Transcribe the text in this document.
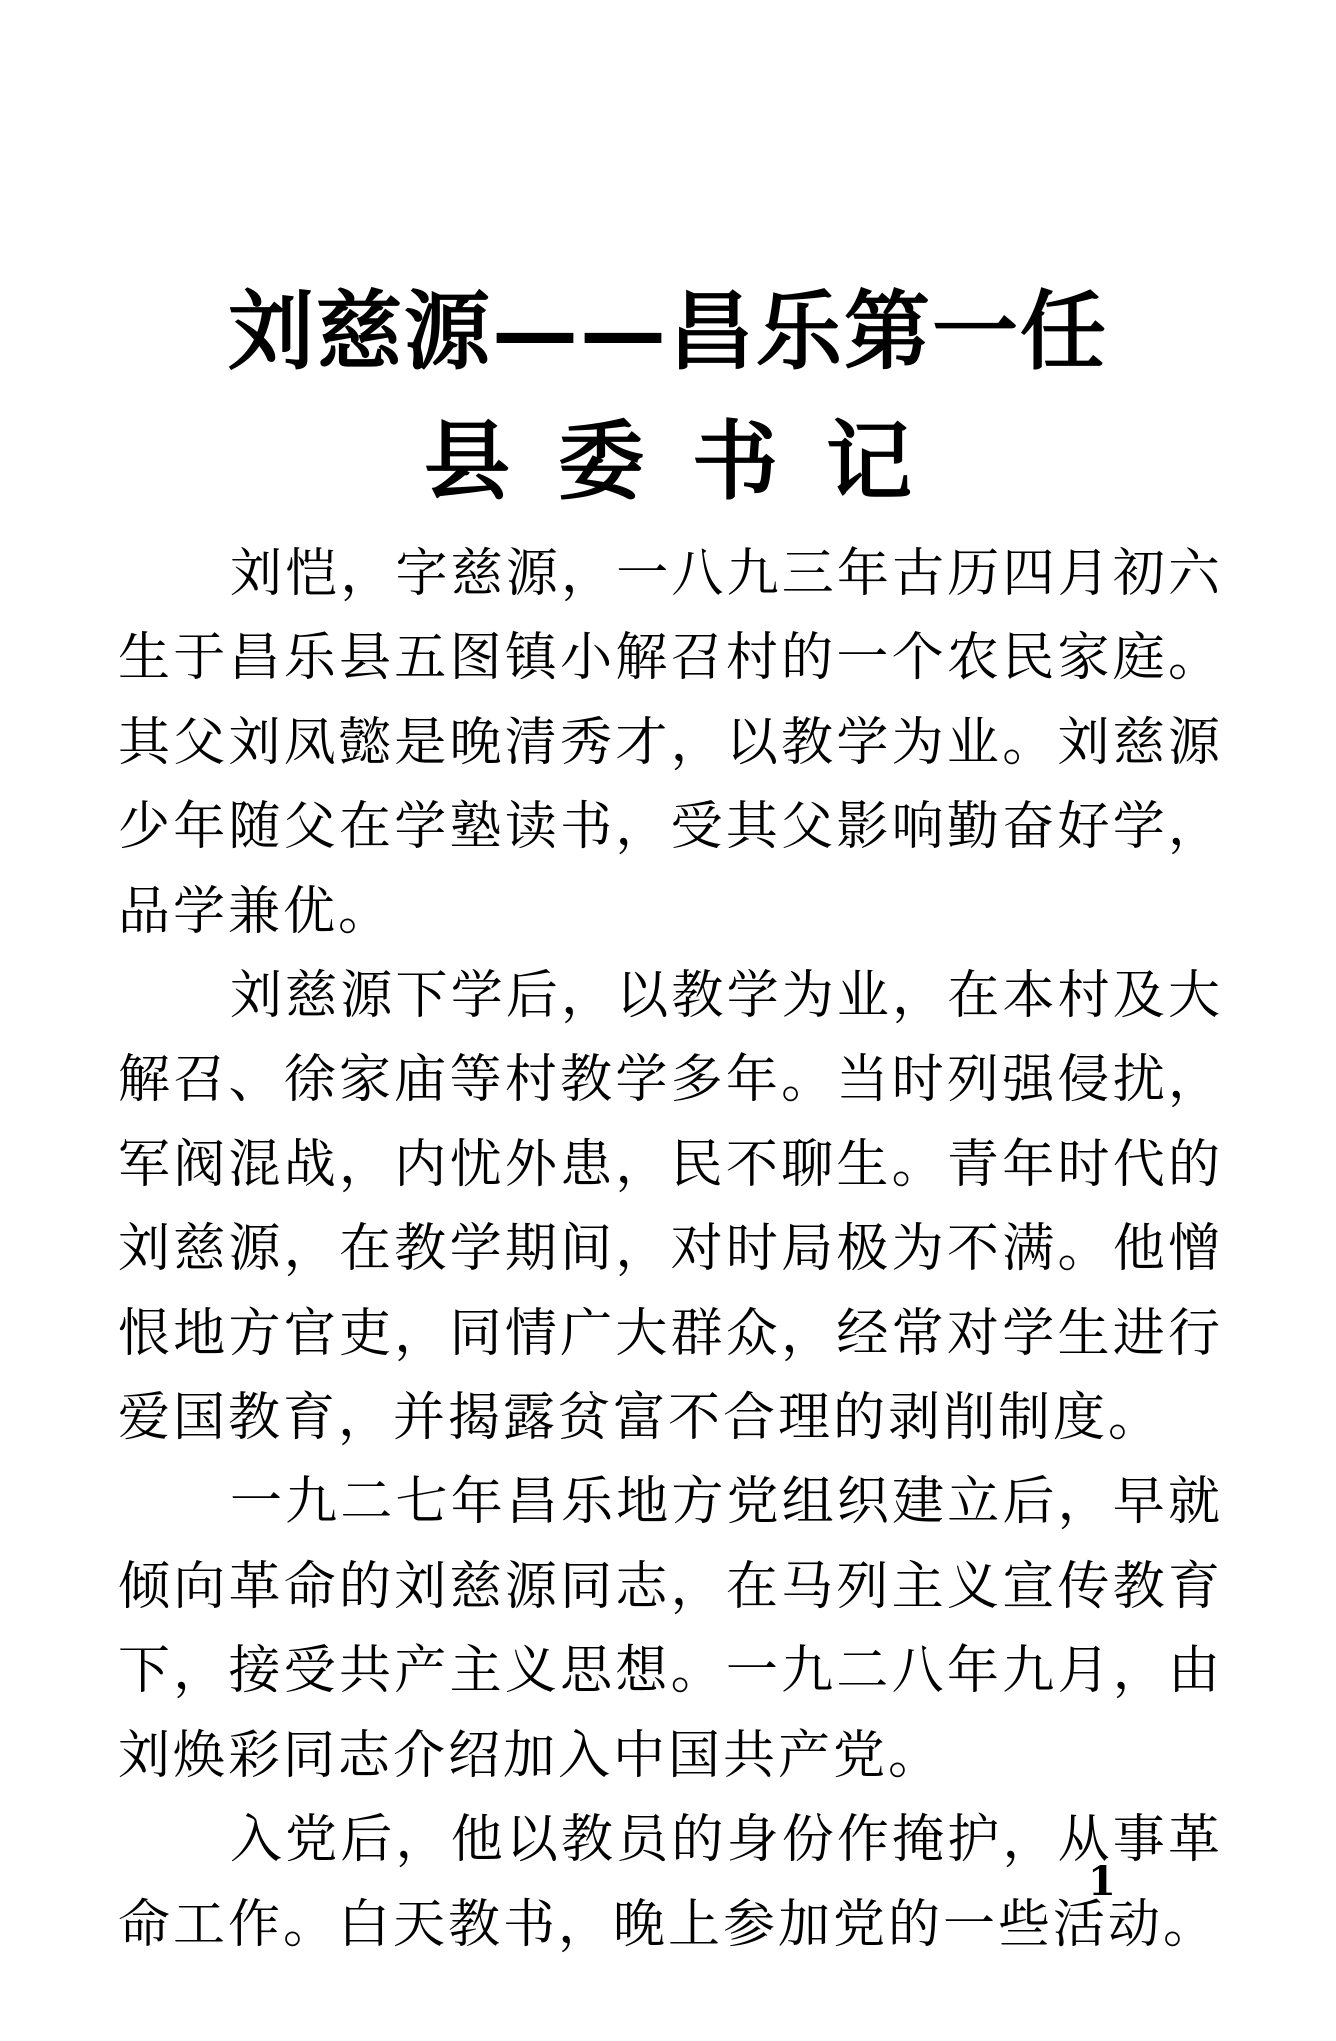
刘慈源——昌乐第一任
县委书记

刘恺，字慈源，一八九三年古历四月初六生于昌乐县五图镇小解召村的一个农民家庭。其父刘凤懿是晚清秀才，以教学为业。刘慈源少年随父在学塾读书，受其父影响勤奋好学，品学兼优。

刘慈源下学后，以教学为业，在本村及大解召、徐家庙等村教学多年。当时列强侵扰，军阀混战，内忧外患，民不聊生。青年时代的刘慈源，在教学期间，对时局极为不满。他憎恨地方官吏，同情广大群众，经常对学生进行爱国教育，并揭露贫富不合理的剥削制度。

一九二七年昌乐地方党组织建立后，早就倾向革命的刘慈源同志，在马列主义宣传教育下，接受共产主义思想。一九二八年九月，由刘焕彩同志介绍加入中国共产党。

入党后，他以教员的身份作掩护，从事革命工作。白天教书，晚上参加党的一些活动。

1
